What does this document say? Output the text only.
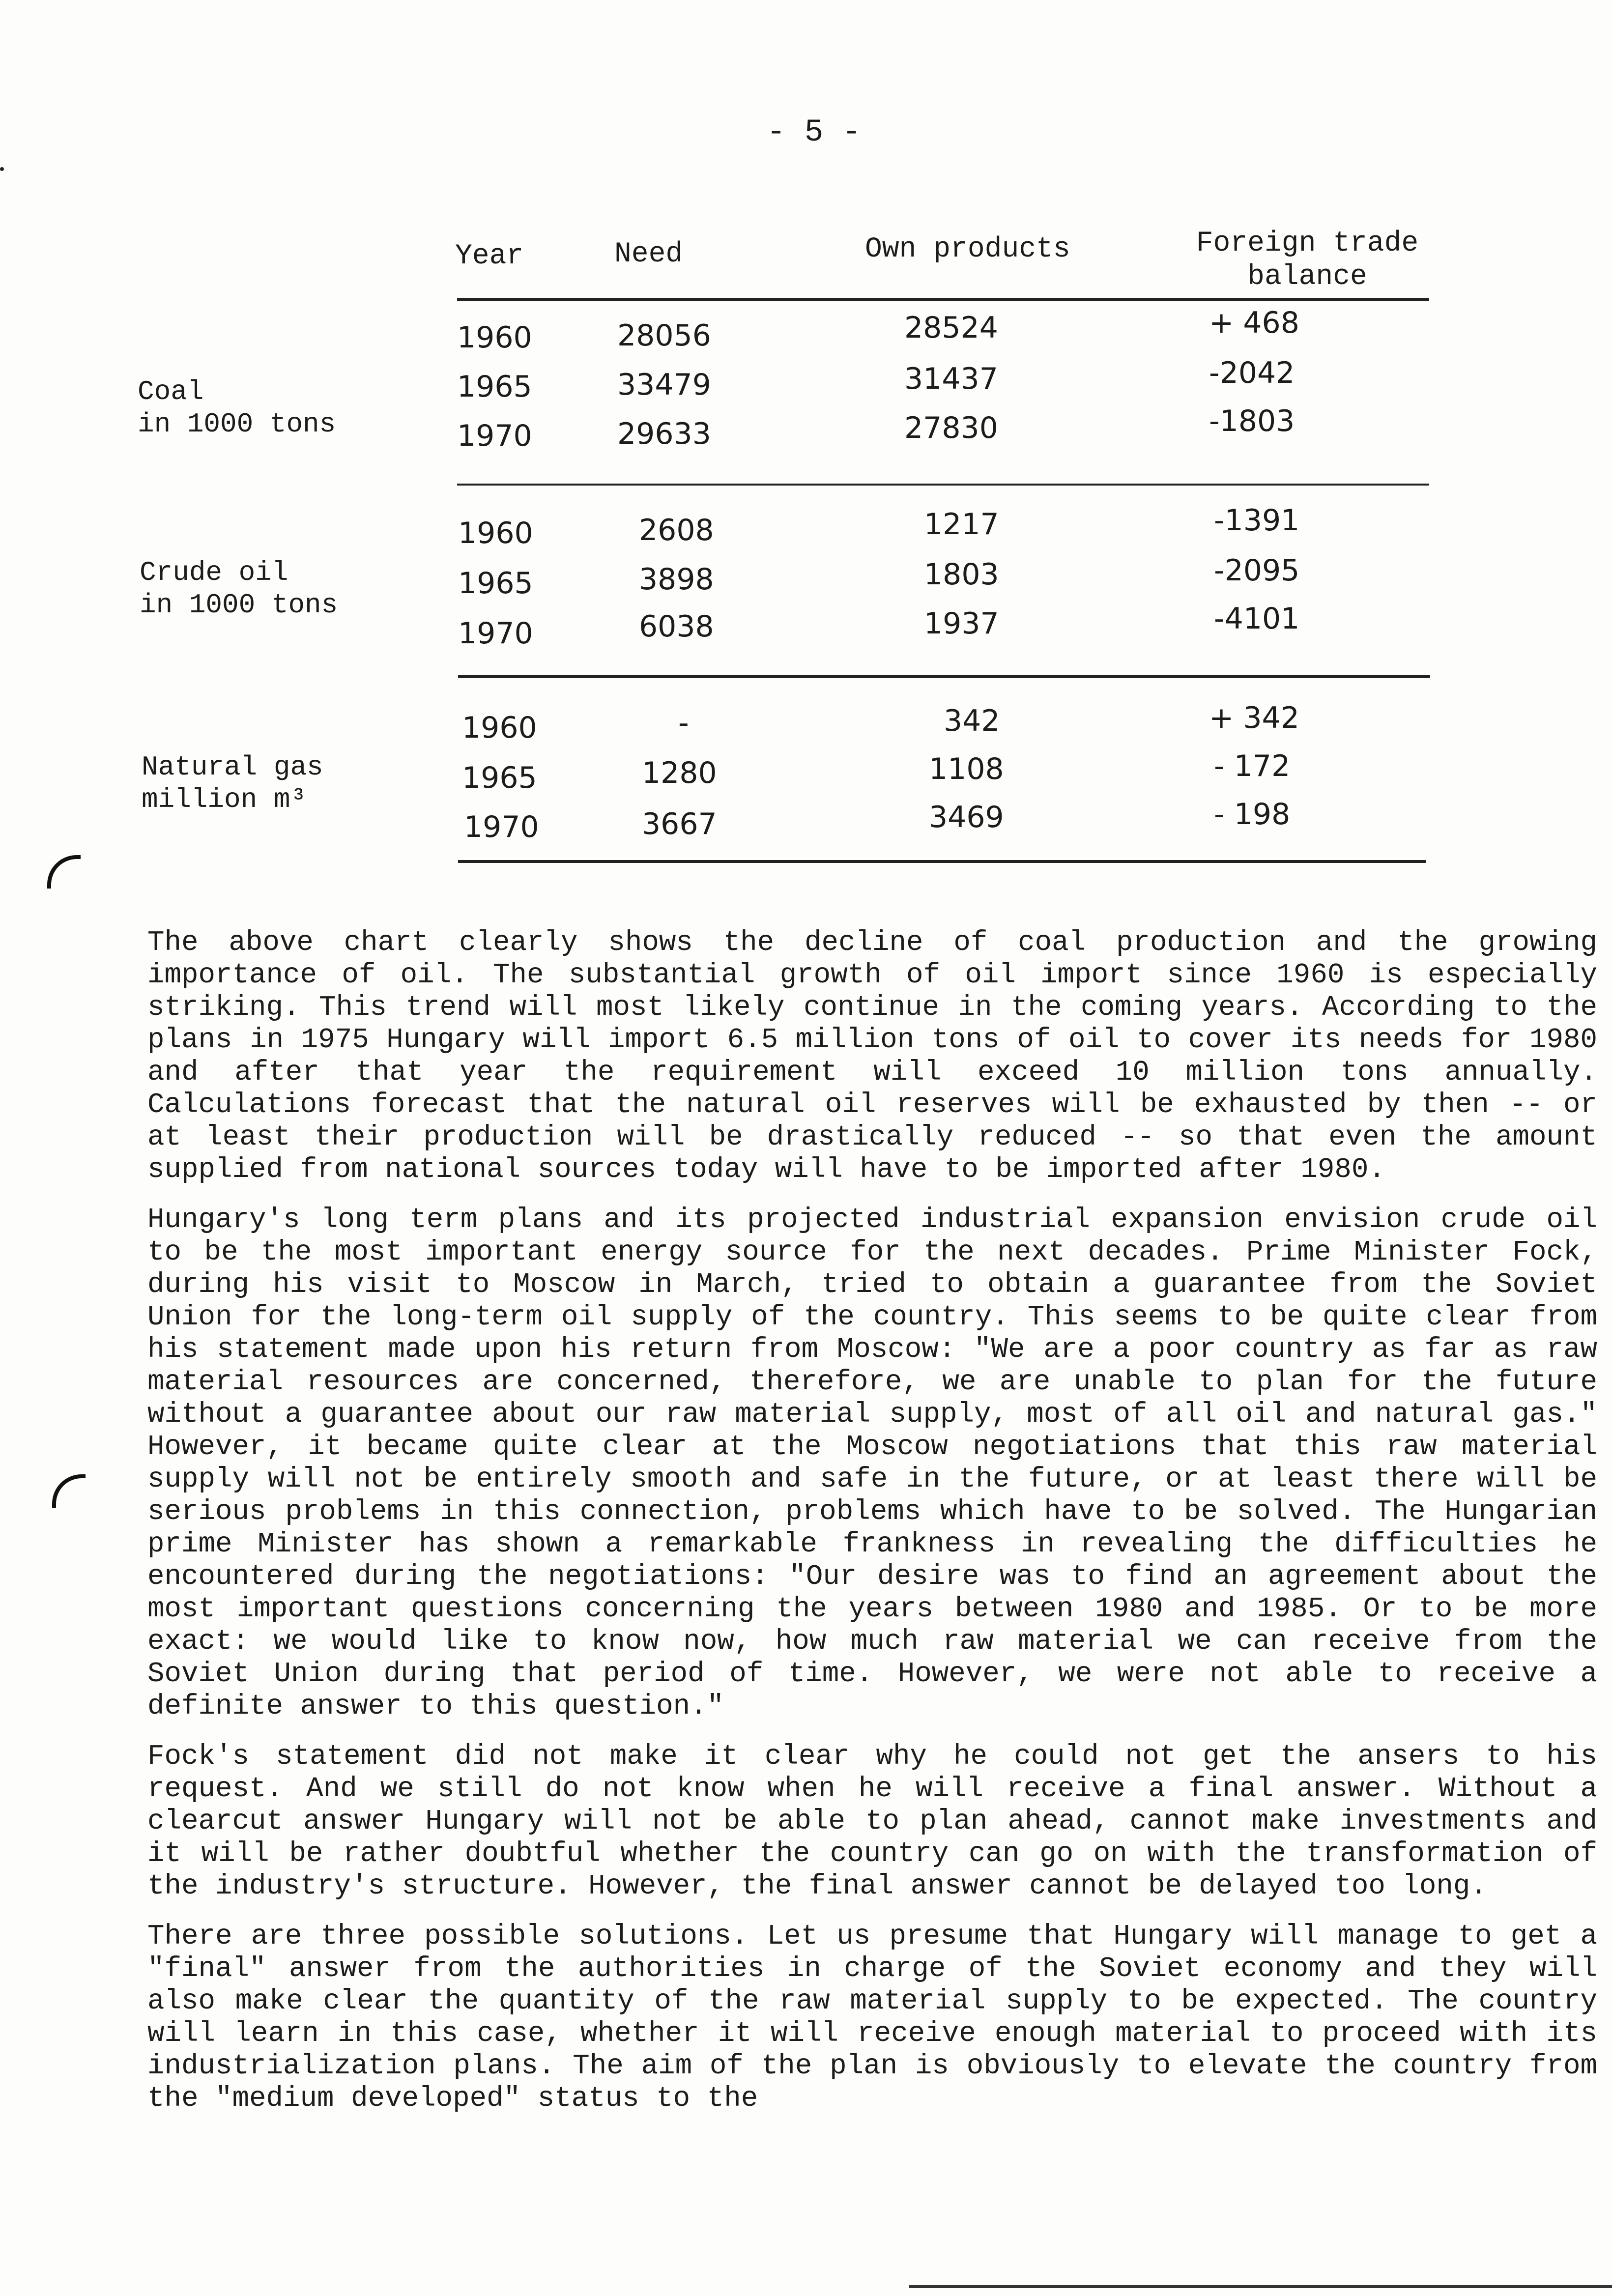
- 5 -
Year	Need	Own products	Foreign trade balance
Coal
in 1000 tons
1960	28056	28524	+ 468
1965	33479	31437	-2042
1970	29633	27830	-1803
Crude oil
in 1000 tons
1960	2608	1217	-1391
1965	3898	1803	-2095
1970	6038	1937	-4101
Natural gas
million m³
1960	-	342	+ 342
1965	1280	1108	- 172
1970	3667	3469	- 198

The above chart clearly shows the decline of coal production and the growing importance of oil. The substantial growth of oil import since 1960 is especially striking. This trend will most likely continue in the coming years. According to the plans in 1975 Hungary will import 6.5 million tons of oil to cover its needs for 1980 and after that year the requirement will exceed 10 million tons annually. Calculations forecast that the natural oil reserves will be exhausted by then -- or at least their production will be drastically reduced -- so that even the amount supplied from national sources today will have to be imported after 1980.

Hungary's long term plans and its projected industrial expansion envision crude oil to be the most important energy source for the next decades. Prime Minister Fock, during his visit to Moscow in March, tried to obtain a guarantee from the Soviet Union for the long-term oil supply of the country. This seems to be quite clear from his statement made upon his return from Moscow: "We are a poor country as far as raw material resources are concerned, therefore, we are unable to plan for the future without a guarantee about our raw material supply, most of all oil and natural gas." However, it became quite clear at the Moscow negotiations that this raw material supply will not be entirely smooth and safe in the future, or at least there will be serious problems in this connection, problems which have to be solved. The Hungarian prime Minister has shown a remarkable frankness in revealing the difficulties he encountered during the negotiations: "Our desire was to find an agreement about the most important questions concerning the years between 1980 and 1985. Or to be more exact: we would like to know now, how much raw material we can receive from the Soviet Union during that period of time. However, we were not able to receive a definite answer to this question."

Fock's statement did not make it clear why he could not get the ansers to his request. And we still do not know when he will receive a final answer. Without a clearcut answer Hungary will not be able to plan ahead, cannot make investments and it will be rather doubtful whether the country can go on with the transformation of the industry's structure. However, the final answer cannot be delayed too long.

There are three possible solutions. Let us presume that Hungary will manage to get a "final" answer from the authorities in charge of the Soviet economy and they will also make clear the quantity of the raw material supply to be expected. The country will learn in this case, whether it will receive enough material to proceed with its industrialization plans. The aim of the plan is obviously to elevate the country from the "medium developed" status to the
